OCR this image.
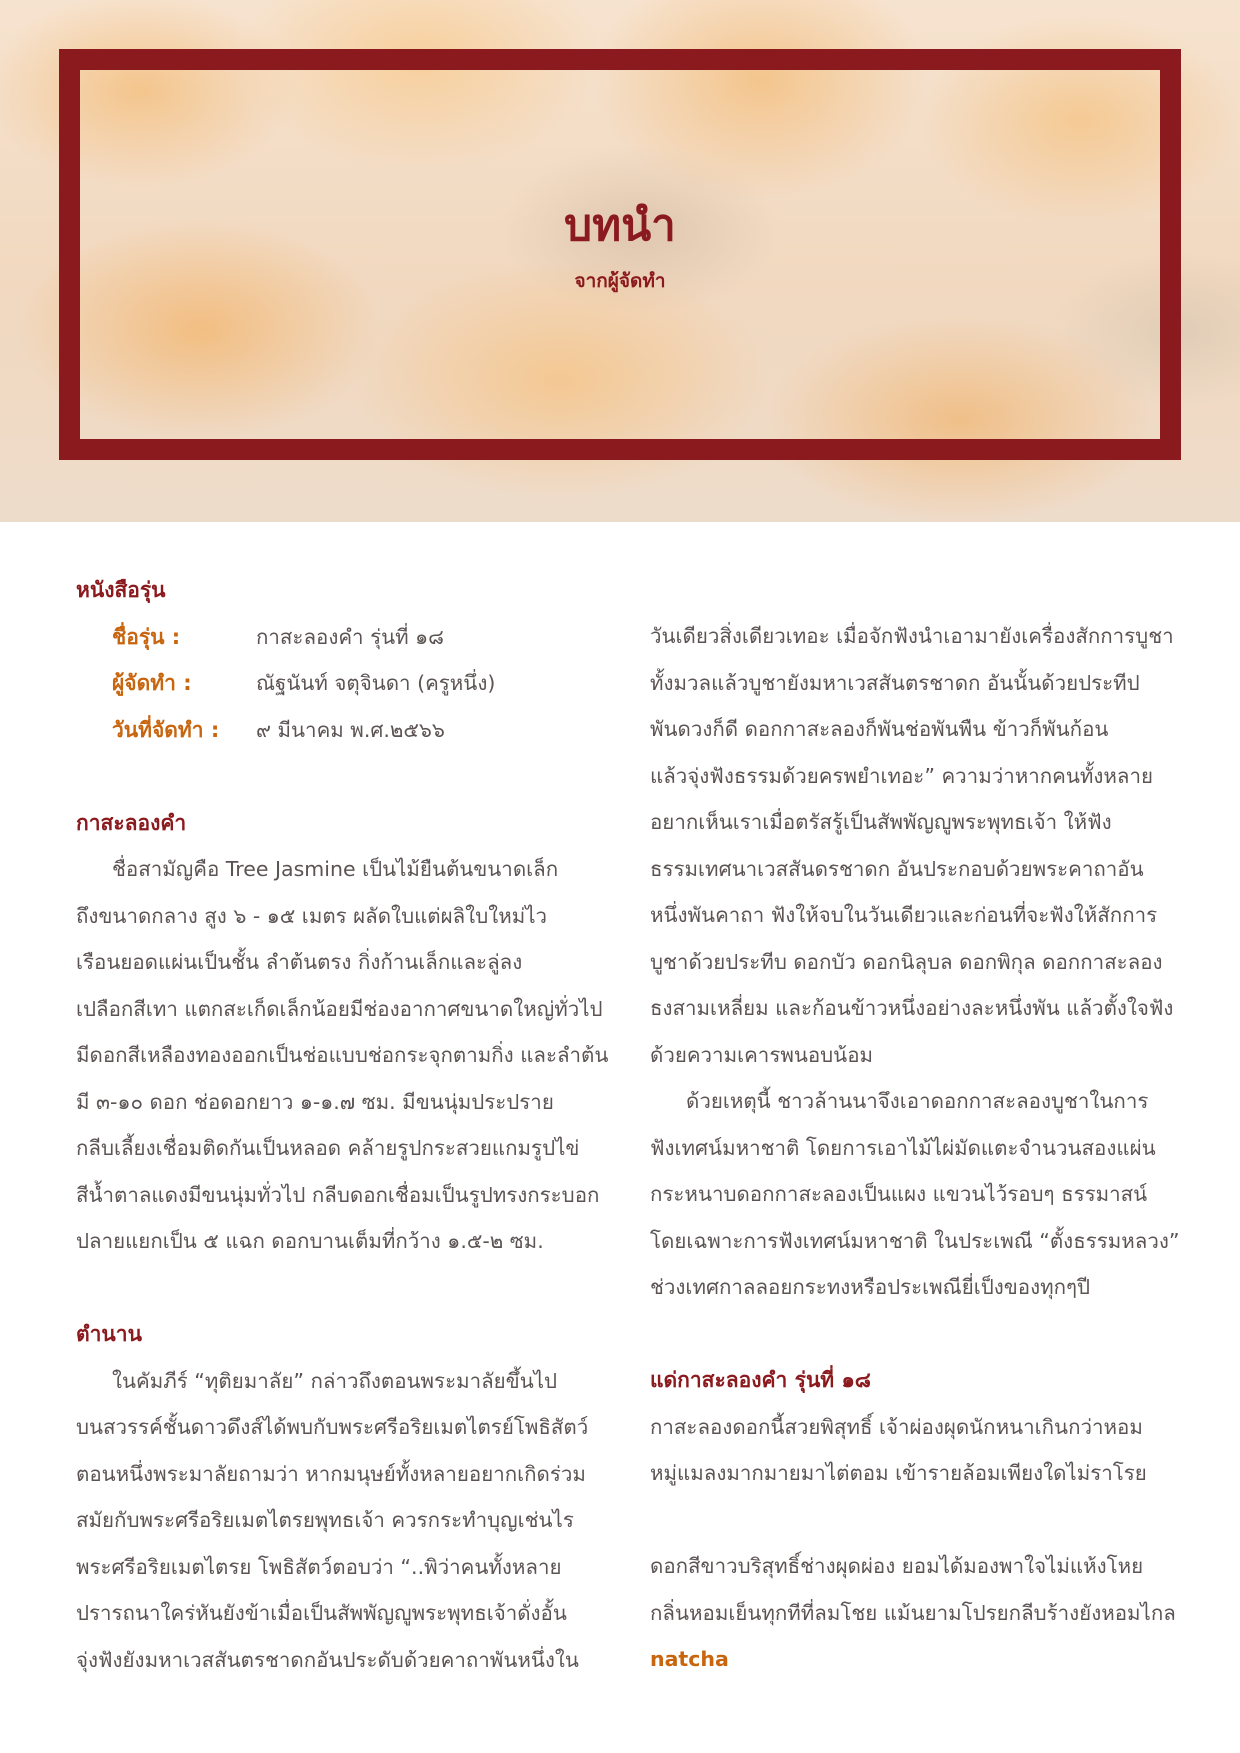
บทนำ
จากผู้จัดทำ
หนังสือรุ่น
ชื่อรุ่น :	กาสะลองคำ รุ่นที่ ๑๘
ผู้จัดทำ :	ณัฐนันท์ จตุจินดา (ครูหนึ่ง)
วันที่จัดทำ :	๙ มีนาคม พ.ศ.๒๕๖๖
กาสะลองคำ
ชื่อสามัญคือ Tree Jasmine เป็นไม้ยืนต้นขนาดเล็ก
ถึงขนาดกลาง สูง ๖ - ๑๕ เมตร ผลัดใบแต่ผลิใบใหม่ไว
เรือนยอดแผ่นเป็นชั้น ลำต้นตรง กิ่งก้านเล็กและลู่ลง
เปลือกสีเทา แตกสะเก็ดเล็กน้อยมีช่องอากาศขนาดใหญ่ทั่วไป
มีดอกสีเหลืองทองออกเป็นช่อแบบช่อกระจุกตามกิ่ง และลำต้น
มี ๓-๑๐ ดอก ช่อดอกยาว ๑-๑.๗ ซม. มีขนนุ่มประปราย
กลีบเลี้ยงเชื่อมติดกันเป็นหลอด คล้ายรูปกระสวยแกมรูปไข่
สีน้ำตาลแดงมีขนนุ่มทั่วไป กลีบดอกเชื่อมเป็นรูปทรงกระบอก
ปลายแยกเป็น ๕ แฉก ดอกบานเต็มที่กว้าง ๑.๕-๒ ซม.
ตำนาน
ในคัมภีร์ “ทุติยมาลัย” กล่าวถึงตอนพระมาลัยขึ้นไป
บนสวรรค์ชั้นดาวดึงส์ได้พบกับพระศรีอริยเมตไตรย์โพธิสัตว์
ตอนหนึ่งพระมาลัยถามว่า หากมนุษย์ทั้งหลายอยากเกิดร่วม
สมัยกับพระศรีอริยเมตไตรยพุทธเจ้า ควรกระทำบุญเช่นไร
พระศรีอริยเมตไตรย โพธิสัตว์ตอบว่า “..พิว่าคนทั้งหลาย
ปรารถนาใคร่หันยังข้าเมื่อเป็นสัพพัญญูพระพุทธเจ้าดั่งอั้น
จุ่งฟังยังมหาเวสสันตรชาดกอันประดับด้วยคาถาพันหนึ่งใน
วันเดียวสิ่งเดียวเทอะ เมื่อจักฟังนำเอามายังเครื่องสักการบูชา
ทั้งมวลแล้วบูชายังมหาเวสสันตรชาดก อันนั้นด้วยประทีป
พันดวงก็ดี ดอกกาสะลองก็พันช่อพันพืน ข้าวก็พันก้อน
แล้วจุ่งฟังธรรมด้วยครพยำเทอะ” ความว่าหากคนทั้งหลาย
อยากเห็นเราเมื่อตรัสรู้เป็นสัพพัญญูพระพุทธเจ้า ให้ฟัง
ธรรมเทศนาเวสสันดรชาดก อันประกอบด้วยพระคาถาอัน
หนึ่งพันคาถา ฟังให้จบในวันเดียวและก่อนที่จะฟังให้สักการ
บูชาด้วยประทีบ ดอกบัว ดอกนิลุบล ดอกพิกุล ดอกกาสะลอง
ธงสามเหลี่ยม และก้อนข้าวหนึ่งอย่างละหนึ่งพัน แล้วตั้งใจฟัง
ด้วยความเคารพนอบน้อม
ด้วยเหตุนี้ ชาวล้านนาจึงเอาดอกกาสะลองบูชาในการ
ฟังเทศน์มหาชาติ โดยการเอาไม้ไผ่มัดแตะจำนวนสองแผ่น
กระหนาบดอกกาสะลองเป็นแผง แขวนไว้รอบๆ ธรรมาสน์
โดยเฉพาะการฟังเทศน์มหาชาติ ในประเพณี “ตั้งธรรมหลวง”
ช่วงเทศกาลลอยกระทงหรือประเพณียี่เป็งของทุกๆปี
แด่กาสะลองคำ รุ่นที่ ๑๘
กาสะลองดอกนี้สวยพิสุทธิ์ เจ้าผ่องผุดนักหนาเกินกว่าหอม
หมู่แมลงมากมายมาไต่ตอม เข้ารายล้อมเพียงใดไม่ราโรย
ดอกสีขาวบริสุทธิ์ช่างผุดผ่อง ยอมได้มองพาใจไม่แห้งโหย
กลิ่นหอมเย็นทุกทีที่ลมโชย แม้นยามโปรยกลีบร้างยังหอมไกล
natcha
